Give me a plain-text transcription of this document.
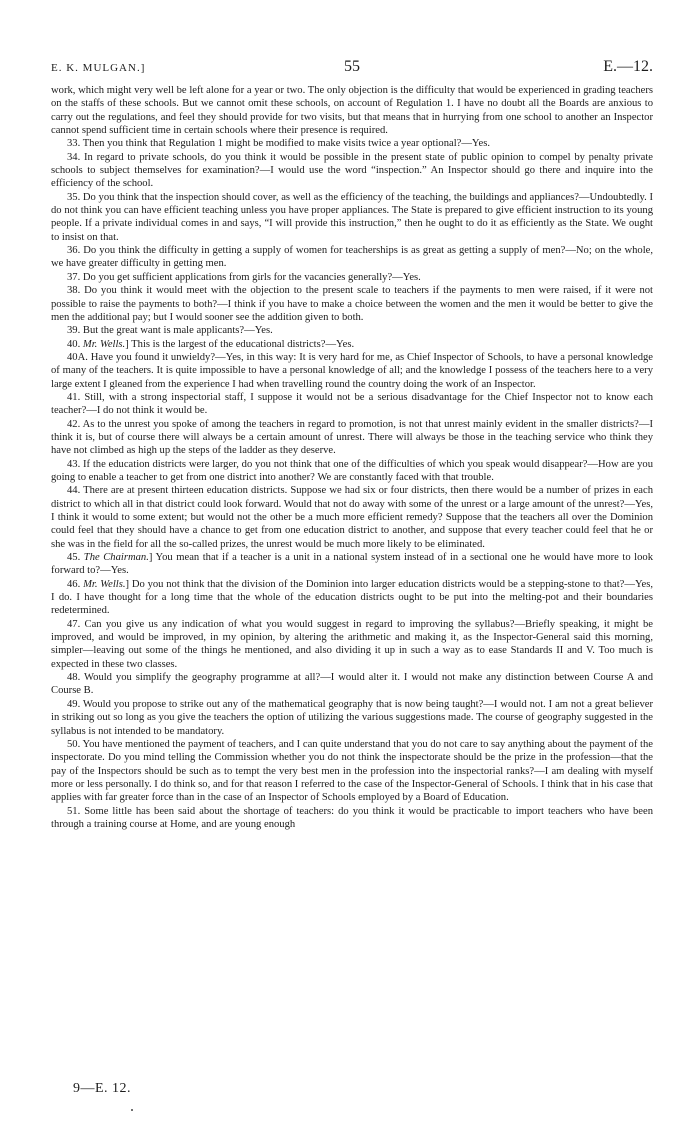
E. K. MULGAN.]	55	E.—12.

work, which might very well be left alone for a year or two. The only objection is the difficulty that would be experienced in grading teachers on the staffs of these schools. But we cannot omit these schools, on account of Regulation 1. I have no doubt all the Boards are anxious to carry out the regulations, and feel they should provide for two visits, but that means that in hurrying from one school to another an Inspector cannot spend sufficient time in certain schools where their presence is required.

33. Then you think that Regulation 1 might be modified to make visits twice a year optional?—Yes.

34. In regard to private schools, do you think it would be possible in the present state of public opinion to compel by penalty private schools to subject themselves for examination?—I would use the word “inspection.” An Inspector should go there and inquire into the efficiency of the school.

35. Do you think that the inspection should cover, as well as the efficiency of the teaching, the buildings and appliances?—Undoubtedly. I do not think you can have efficient teaching unless you have proper appliances. The State is prepared to give efficient instruction to its young people. If a private individual comes in and says, “I will provide this instruction,” then he ought to do it as efficiently as the State. We ought to insist on that.

36. Do you think the difficulty in getting a supply of women for teacherships is as great as getting a supply of men?—No; on the whole, we have greater difficulty in getting men.

37. Do you get sufficient applications from girls for the vacancies generally?—Yes.

38. Do you think it would meet with the objection to the present scale to teachers if the payments to men were raised, if it were not possible to raise the payments to both?—I think if you have to make a choice between the women and the men it would be better to give the men the additional pay; but I would sooner see the addition given to both.

39. But the great want is male applicants?—Yes.

40. Mr. Wells.] This is the largest of the educational districts?—Yes.

40A. Have you found it unwieldy?—Yes, in this way: It is very hard for me, as Chief Inspector of Schools, to have a personal knowledge of many of the teachers. It is quite impossible to have a personal knowledge of all; and the knowledge I possess of the teachers here to a very large extent I gleaned from the experience I had when travelling round the country doing the work of an Inspector.

41. Still, with a strong inspectorial staff, I suppose it would not be a serious disadvantage for the Chief Inspector not to know each teacher?—I do not think it would be.

42. As to the unrest you spoke of among the teachers in regard to promotion, is not that unrest mainly evident in the smaller districts?—I think it is, but of course there will always be a certain amount of unrest. There will always be those in the teaching service who think they have not climbed as high up the steps of the ladder as they deserve.

43. If the education districts were larger, do you not think that one of the difficulties of which you speak would disappear?—How are you going to enable a teacher to get from one district into another? We are constantly faced with that trouble.

44. There are at present thirteen education districts. Suppose we had six or four districts, then there would be a number of prizes in each district to which all in that district could look forward. Would that not do away with some of the unrest or a large amount of the unrest?—Yes, I think it would to some extent; but would not the other be a much more efficient remedy? Suppose that the teachers all over the Dominion could feel that they should have a chance to get from one education district to another, and suppose that every teacher could feel that he or she was in the field for all the so-called prizes, the unrest would be much more likely to be eliminated.

45. The Chairman.] You mean that if a teacher is a unit in a national system instead of in a sectional one he would have more to look forward to?—Yes.

46. Mr. Wells.] Do you not think that the division of the Dominion into larger education districts would be a stepping-stone to that?—Yes, I do. I have thought for a long time that the whole of the education districts ought to be put into the melting-pot and their boundaries redetermined.

47. Can you give us any indication of what you would suggest in regard to improving the syllabus?—Briefly speaking, it might be improved, and would be improved, in my opinion, by altering the arithmetic and making it, as the Inspector-General said this morning, simpler—leaving out some of the things he mentioned, and also dividing it up in such a way as to ease Standards II and V. Too much is expected in these two classes.

48. Would you simplify the geography programme at all?—I would alter it. I would not make any distinction between Course A and Course B.

49. Would you propose to strike out any of the mathematical geography that is now being taught?—I would not. I am not a great believer in striking out so long as you give the teachers the option of utilizing the various suggestions made. The course of geography suggested in the syllabus is not intended to be mandatory.

50. You have mentioned the payment of teachers, and I can quite understand that you do not care to say anything about the payment of the inspectorate. Do you mind telling the Commission whether you do not think the inspectorate should be the prize in the profession—that the pay of the Inspectors should be such as to tempt the very best men in the profession into the inspectorial ranks?—I am dealing with myself more or less personally. I do think so, and for that reason I referred to the case of the Inspector-General of Schools. I think that in his case that applies with far greater force than in the case of an Inspector of Schools employed by a Board of Education.

51. Some little has been said about the shortage of teachers: do you think it would be practicable to import teachers who have been through a training course at Home, and are young enough

9—E. 12.
